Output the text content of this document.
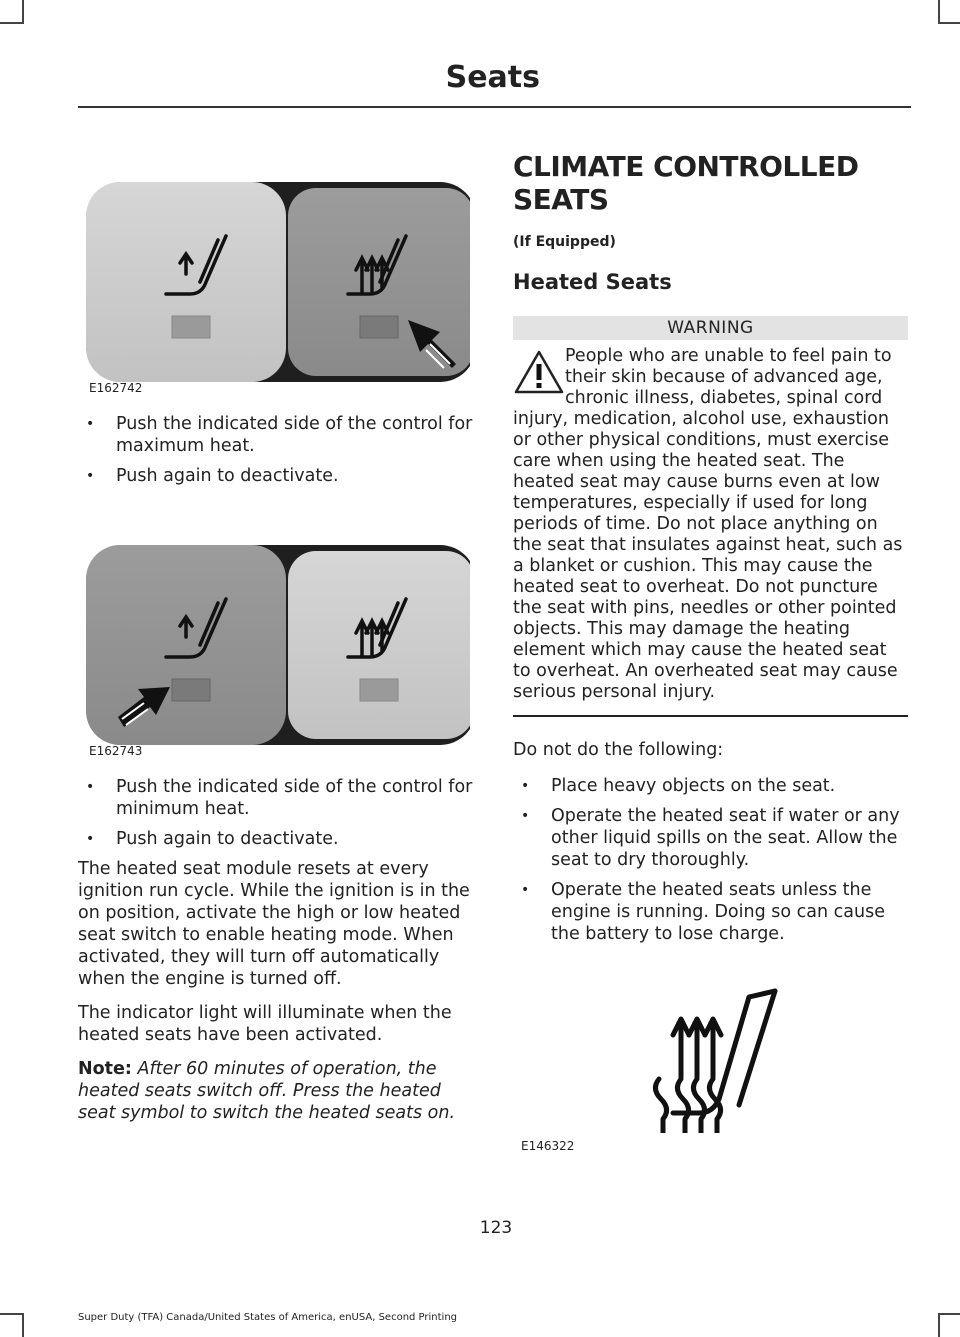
Seats
E162742
• Push the indicated side of the control for maximum heat.
• Push again to deactivate.
E162743
• Push the indicated side of the control for minimum heat.
• Push again to deactivate.

The heated seat module resets at every ignition run cycle. While the ignition is in the on position, activate the high or low heated seat switch to enable heating mode. When activated, they will turn off automatically when the engine is turned off.

The indicator light will illuminate when the heated seats have been activated.

Note: After 60 minutes of operation, the heated seats switch off. Press the heated seat symbol to switch the heated seats on.

CLIMATE CONTROLLED SEATS
(If Equipped)
Heated Seats
WARNING
People who are unable to feel pain to their skin because of advanced age, chronic illness, diabetes, spinal cord injury, medication, alcohol use, exhaustion or other physical conditions, must exercise care when using the heated seat. The heated seat may cause burns even at low temperatures, especially if used for long periods of time. Do not place anything on the seat that insulates against heat, such as a blanket or cushion. This may cause the heated seat to overheat. Do not puncture the seat with pins, needles or other pointed objects. This may damage the heating element which may cause the heated seat to overheat. An overheated seat may cause serious personal injury.

Do not do the following:

• Place heavy objects on the seat.
• Operate the heated seat if water or any other liquid spills on the seat. Allow the seat to dry thoroughly.
• Operate the heated seats unless the engine is running. Doing so can cause the battery to lose charge.
E146322
123
Super Duty (TFA) Canada/United States of America, enUSA, Second Printing
